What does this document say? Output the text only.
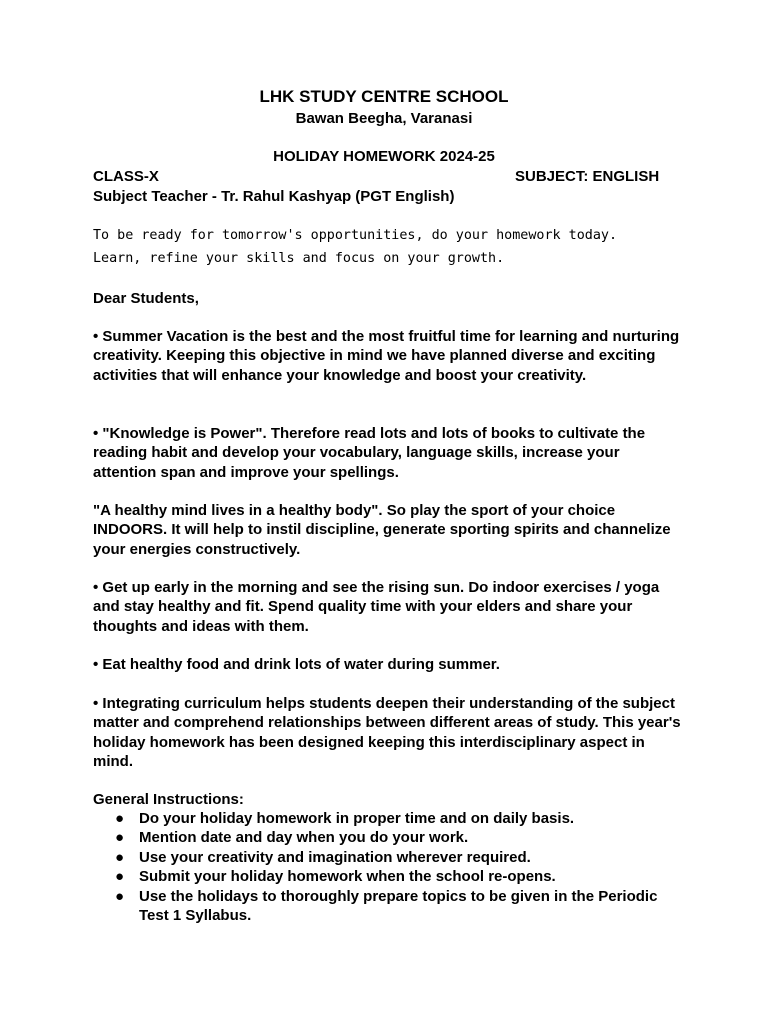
LHK STUDY CENTRE SCHOOL
Bawan Beegha, Varanasi
HOLIDAY HOMEWORK 2024-25
CLASS-X	SUBJECT: ENGLISH
Subject Teacher - Tr. Rahul Kashyap (PGT English)
To be ready for tomorrow's opportunities, do your homework today.
Learn, refine your skills and focus on your growth.
Dear Students,
• Summer Vacation is the best and the most fruitful time for learning and nurturing creativity. Keeping this objective in mind we have planned diverse and exciting activities that will enhance your knowledge and boost your creativity.
• "Knowledge is Power". Therefore read lots and lots of books to cultivate the reading habit and develop your vocabulary, language skills, increase your attention span and improve your spellings.
"A healthy mind lives in a healthy body". So play the sport of your choice INDOORS. It will help to instil discipline, generate sporting spirits and channelize your energies constructively.
• Get up early in the morning and see the rising sun. Do indoor exercises / yoga and stay healthy and fit. Spend quality time with your elders and share your thoughts and ideas with them.
• Eat healthy food and drink lots of water during summer.
• Integrating curriculum helps students deepen their understanding of the subject matter and comprehend relationships between different areas of study. This year's holiday homework has been designed keeping this interdisciplinary aspect in mind.
General Instructions:
● Do your holiday homework in proper time and on daily basis.
● Mention date and day when you do your work.
● Use your creativity and imagination wherever required.
● Submit your holiday homework when the school re-opens.
● Use the holidays to thoroughly prepare topics to be given in the Periodic Test 1 Syllabus.
